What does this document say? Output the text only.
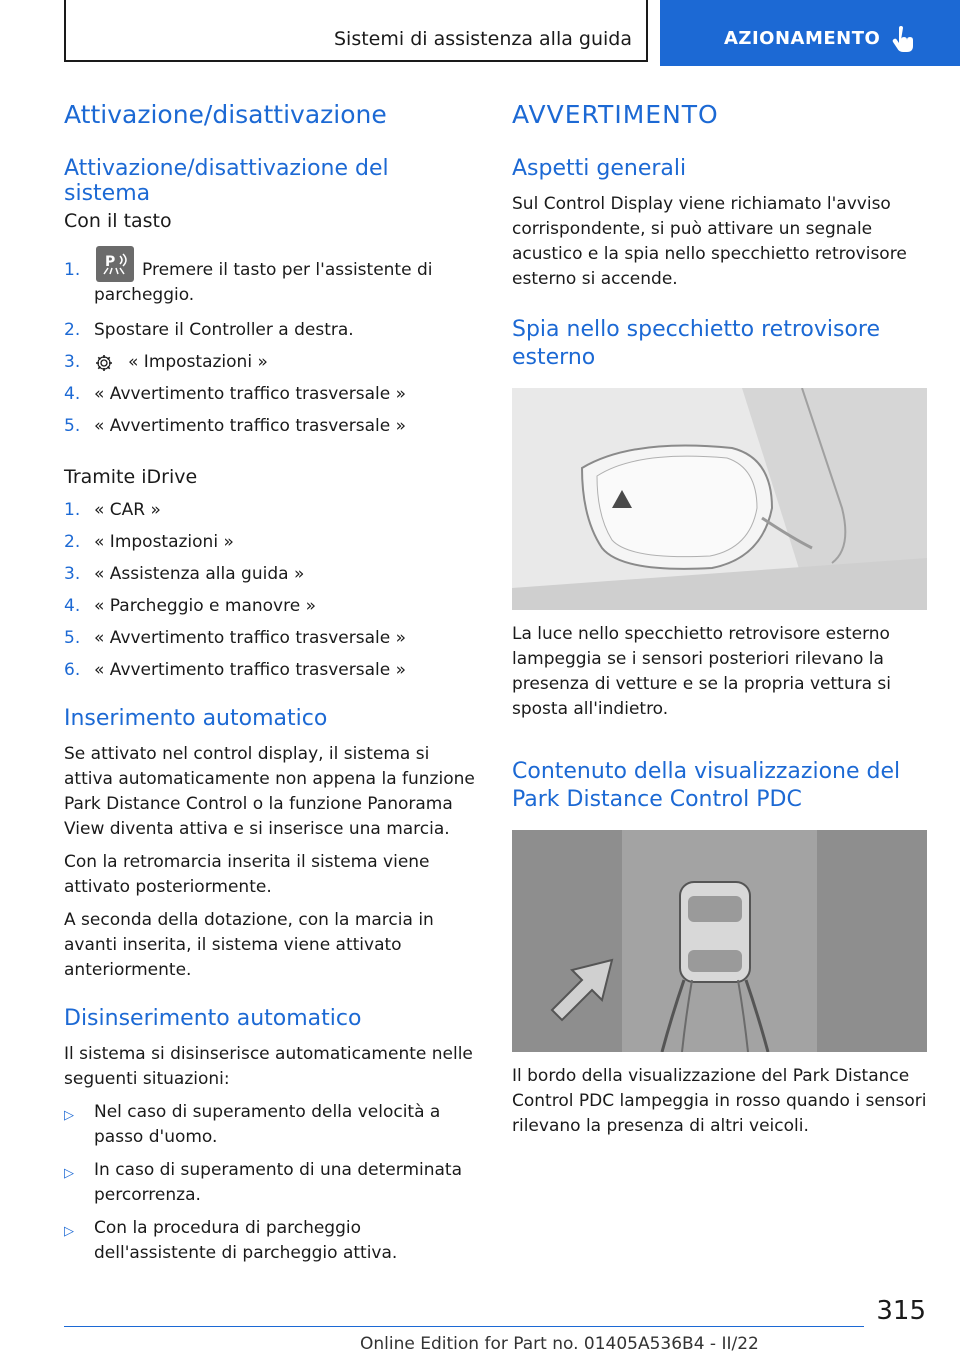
Sistemi di assistenza alla guida	AZIONAMENTO
Attivazione/disattivazione
Attivazione/disattivazione del sistema
Con il tasto
1. P Premere il tasto per l'assistente di parcheggio.
2. Spostare il Controller a destra.
3.	« Impostazioni »
4. « Avvertimento traffico trasversale »
5. « Avvertimento traffico trasversale »
Tramite iDrive
1. « CAR »
2. « Impostazioni »
3. « Assistenza alla guida »
4. « Parcheggio e manovre »
5. « Avvertimento traffico trasversale »
6. « Avvertimento traffico trasversale »
Inserimento automatico
Se attivato nel control display, il sistema si attiva automaticamente non appena la funzione Park Distance Control o la funzione Panorama View diventa attiva e si inserisce una marcia.
Con la retromarcia inserita il sistema viene attivato posteriormente.
A seconda della dotazione, con la marcia in avanti inserita, il sistema viene attivato anteriormente.
Disinserimento automatico
Il sistema si disinserisce automaticamente nelle seguenti situazioni:
▷ Nel caso di superamento della velocità a passo d'uomo.
▷ In caso di superamento di una determinata percorrenza.
▷ Con la procedura di parcheggio dell'assistente di parcheggio attiva.
AVVERTIMENTO
Aspetti generali
Sul Control Display viene richiamato l'avviso corrispondente, si può attivare un segnale acustico e la spia nello specchietto retrovisore esterno si accende.
Spia nello specchietto retrovisore esterno
La luce nello specchietto retrovisore esterno lampeggia se i sensori posteriori rilevano la presenza di vetture e se la propria vettura si sposta all'indietro.
Contenuto della visualizzazione del Park Distance Control PDC
Il bordo della visualizzazione del Park Distance Control PDC lampeggia in rosso quando i sensori rilevano la presenza di altri veicoli.
315
Online Edition for Part no. 01405A536B4 - II/22
